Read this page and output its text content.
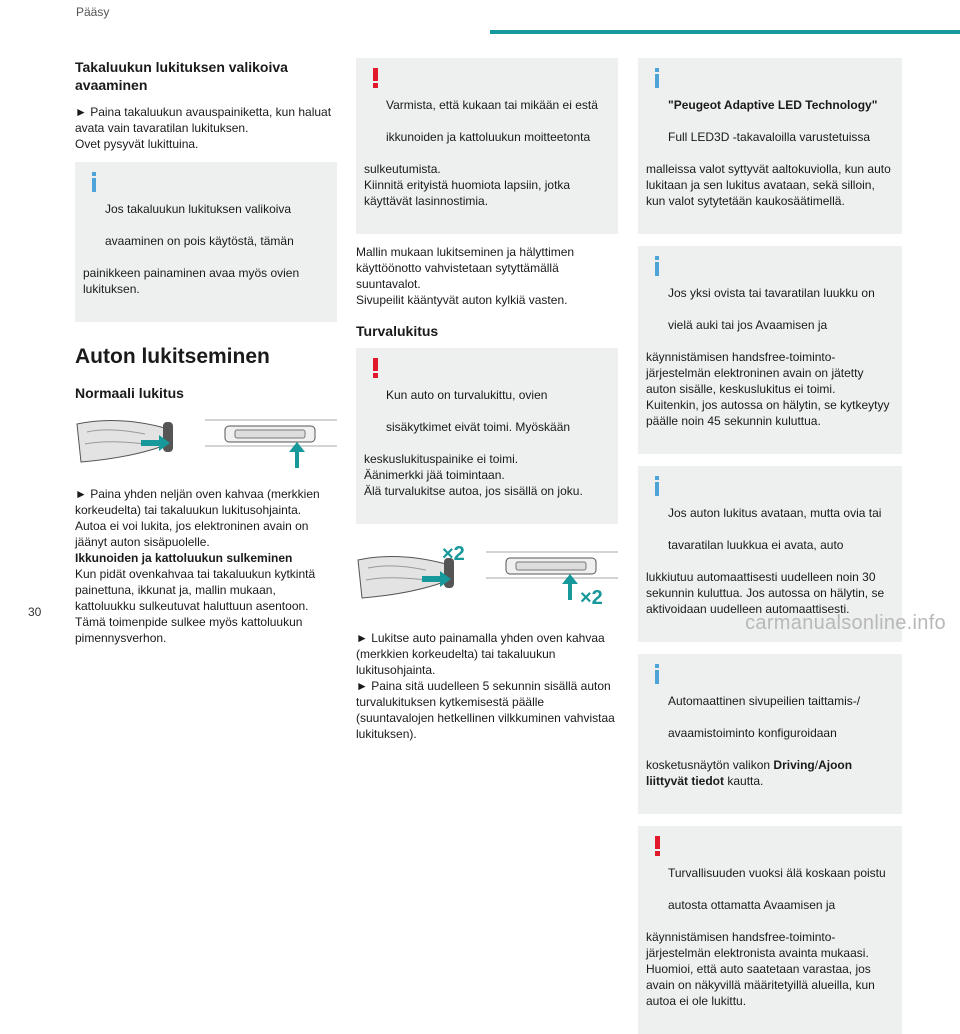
Pääsy
Takaluukun lukituksen valikoiva avaaminen

► Paina takaluukun avauspainiketta, kun haluat avata vain tavaratilan lukituksen.
Ovet pysyvät lukittuina.

Jos takaluukun lukituksen valikoiva

avaaminen on pois käytöstä, tämän

painikkeen painaminen avaa myös ovien lukituksen.

Auton lukitseminen
Normaali lukitus

► Paina yhden neljän oven kahvaa (merkkien korkeudelta) tai takaluukun lukitusohjainta.
Autoa ei voi lukita, jos elektroninen avain on jäänyt auton sisäpuolelle.

Ikkunoiden ja kattoluukun sulkeminen

Kun pidät ovenkahvaa tai takaluukun kytkintä painettuna, ikkunat ja, mallin mukaan, kattoluukku sulkeutuvat haluttuun asentoon.
Tämä toimenpide sulkee myös kattoluukun pimennysverhon.

Varmista, että kukaan tai mikään ei estä

ikkunoiden ja kattoluukun moitteetonta

sulkeutumista.
Kiinnitä erityistä huomiota lapsiin, jotka käyttävät lasinnostimia.

Mallin mukaan lukitseminen ja hälyttimen käyttöönotto vahvistetaan sytyttämällä suuntavalot.
Sivupeilit kääntyvät auton kylkiä vasten.

Turvalukitus

Kun auto on turvalukittu, ovien

sisäkytkimet eivät toimi. Myöskään

keskuslukituspainike ei toimi.
Äänimerkki jää toimintaan.
Älä turvalukitse autoa, jos sisällä on joku.

×2
×2

► Lukitse auto painamalla yhden oven kahvaa (merkkien korkeudelta) tai takaluukun lukitusohjainta.
► Paina sitä uudelleen 5 sekunnin sisällä auton turvalukituksen kytkemisestä päälle (suuntavalojen hetkellinen vilkkuminen vahvistaa lukituksen).

"Peugeot Adaptive LED Technology"

Full LED3D -takavaloilla varustetuissa

malleissa valot syttyvät aaltokuviolla, kun auto lukitaan ja sen lukitus avataan, sekä silloin, kun valot sytytetään kaukosäätimellä.

Jos yksi ovista tai tavaratilan luukku on

vielä auki tai jos Avaamisen ja

käynnistämisen handsfree-toiminto-järjestelmän elektroninen avain on jätetty auton sisälle, keskuslukitus ei toimi.
Kuitenkin, jos autossa on hälytin, se kytkeytyy päälle noin 45 sekunnin kuluttua.

Jos auton lukitus avataan, mutta ovia tai

tavaratilan luukkua ei avata, auto

lukkiutuu automaattisesti uudelleen noin 30 sekunnin kuluttua. Jos autossa on hälytin, se aktivoidaan uudelleen automaattisesti.

Automaattinen sivupeilien taittamis-/

avaamistoiminto konfiguroidaan

kosketusnäytön valikon Driving/Ajoon liittyvät tiedot kautta.

Turvallisuuden vuoksi älä koskaan poistu

autosta ottamatta Avaamisen ja

käynnistämisen handsfree-toiminto-järjestelmän elektronista avainta mukaasi.
Huomioi, että auto saatetaan varastaa, jos avain on näkyvillä määritetyillä alueilla, kun autoa ei ole lukittu.

30	carmanualsonline.info
